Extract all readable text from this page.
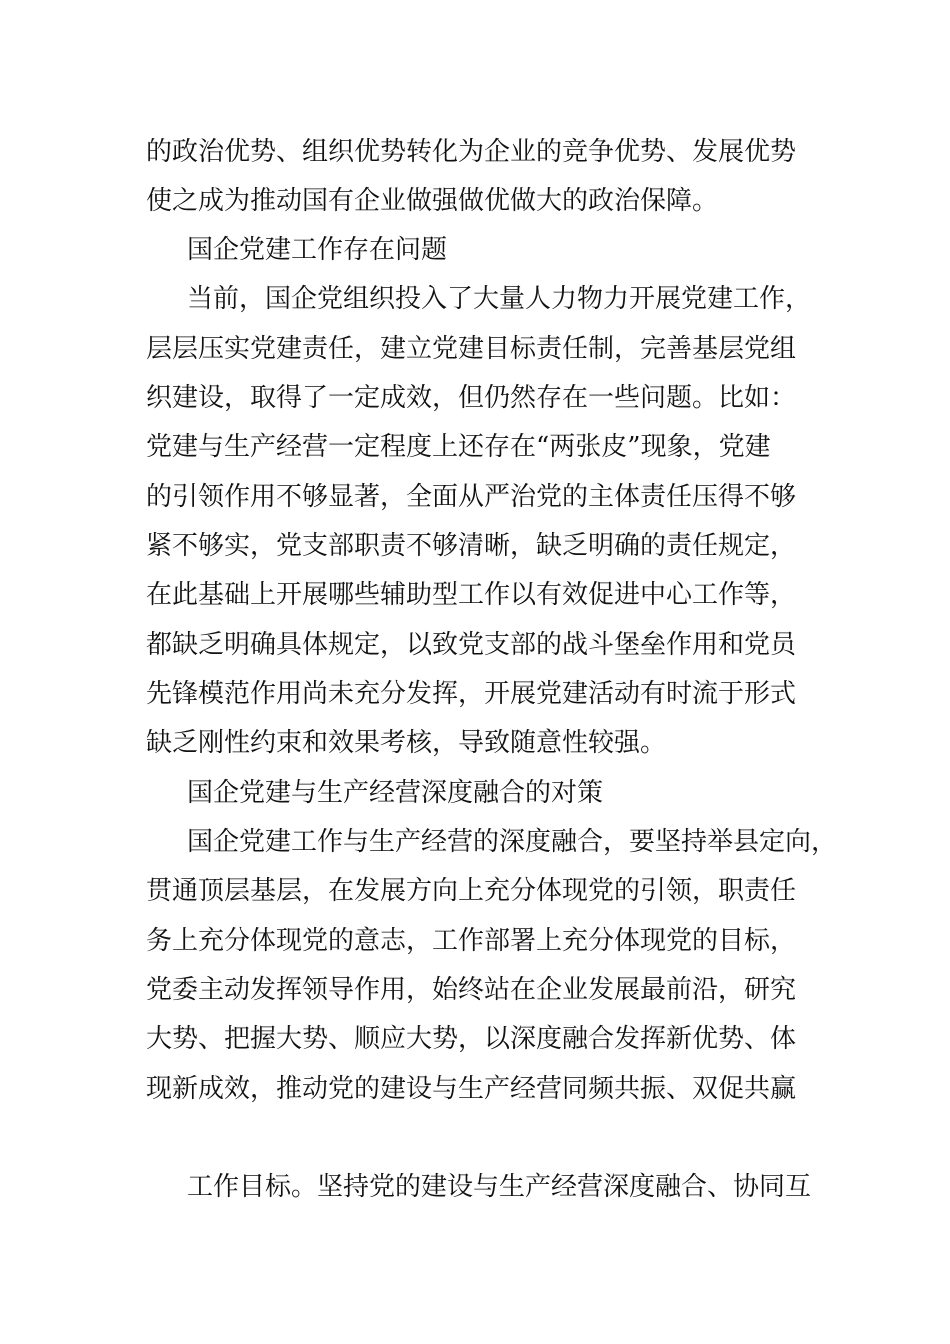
的政治优势、组织优势转化为企业的竞争优势、发展优势

使之成为推动国有企业做强做优做大的政治保障。

国企党建工作存在问题

当前，国企党组织投入了大量人力物力开展党建工作，

层层压实党建责任，建立党建目标责任制，完善基层党组

织建设，取得了一定成效，但仍然存在一些问题。比如：

党建与生产经营一定程度上还存在“两张皮”现象，党建

的引领作用不够显著，全面从严治党的主体责任压得不够

紧不够实，党支部职责不够清晰，缺乏明确的责任规定，

在此基础上开展哪些辅助型工作以有效促进中心工作等，

都缺乏明确具体规定，以致党支部的战斗堡垒作用和党员

先锋模范作用尚未充分发挥，开展党建活动有时流于形式

缺乏刚性约束和效果考核，导致随意性较强。

国企党建与生产经营深度融合的对策

国企党建工作与生产经营的深度融合，要坚持举县定向，

贯通顶层基层，在发展方向上充分体现党的引领，职责任

务上充分体现党的意志，工作部署上充分体现党的目标，

党委主动发挥领导作用，始终站在企业发展最前沿，研究

大势、把握大势、顺应大势，以深度融合发挥新优势、体

现新成效，推动党的建设与生产经营同频共振、双促共赢

工作目标。坚持党的建设与生产经营深度融合、协同互
